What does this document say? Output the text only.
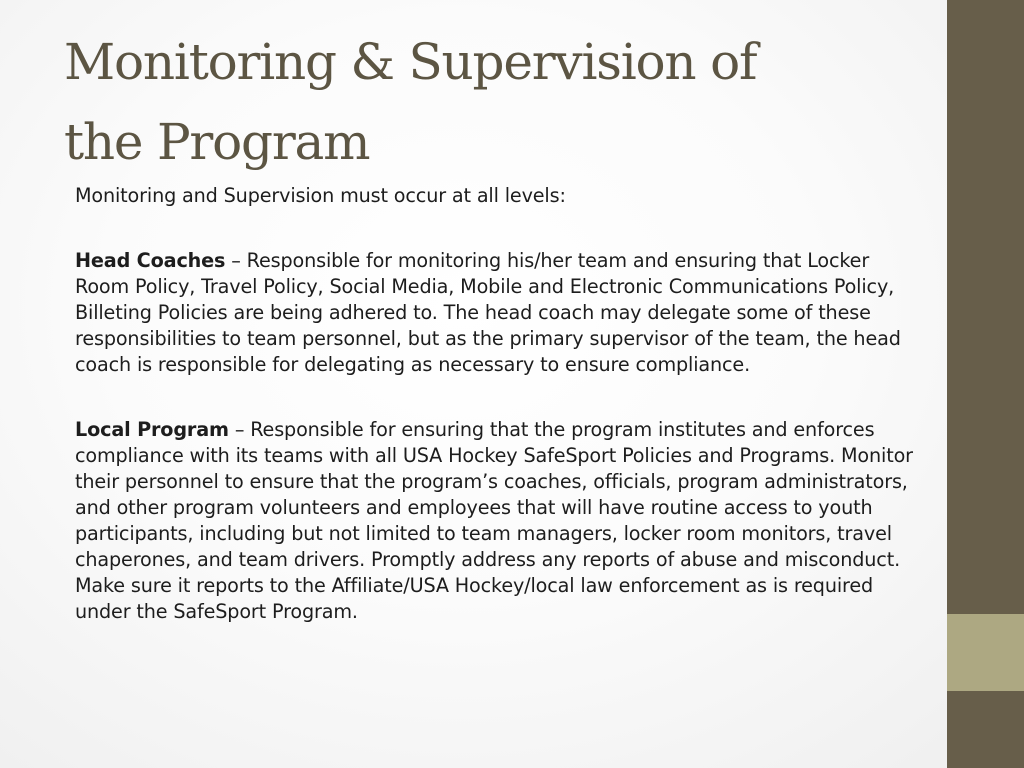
Monitoring & Supervision of
the Program

Monitoring and Supervision must occur at all levels:

Head Coaches – Responsible for monitoring his/her team and ensuring that Locker Room Policy, Travel Policy, Social Media, Mobile and Electronic Communications Policy, Billeting Policies are being adhered to. The head coach may delegate some of these responsibilities to team personnel, but as the primary supervisor of the team, the head coach is responsible for delegating as necessary to ensure compliance.

Local Program – Responsible for ensuring that the program institutes and enforces compliance with its teams with all USA Hockey SafeSport Policies and Programs. Monitor their personnel to ensure that the program’s coaches, officials, program administrators, and other program volunteers and employees that will have routine access to youth participants, including but not limited to team managers, locker room monitors, travel chaperones, and team drivers. Promptly address any reports of abuse and misconduct. Make sure it reports to the Affiliate/USA Hockey/local law enforcement as is required under the SafeSport Program.
